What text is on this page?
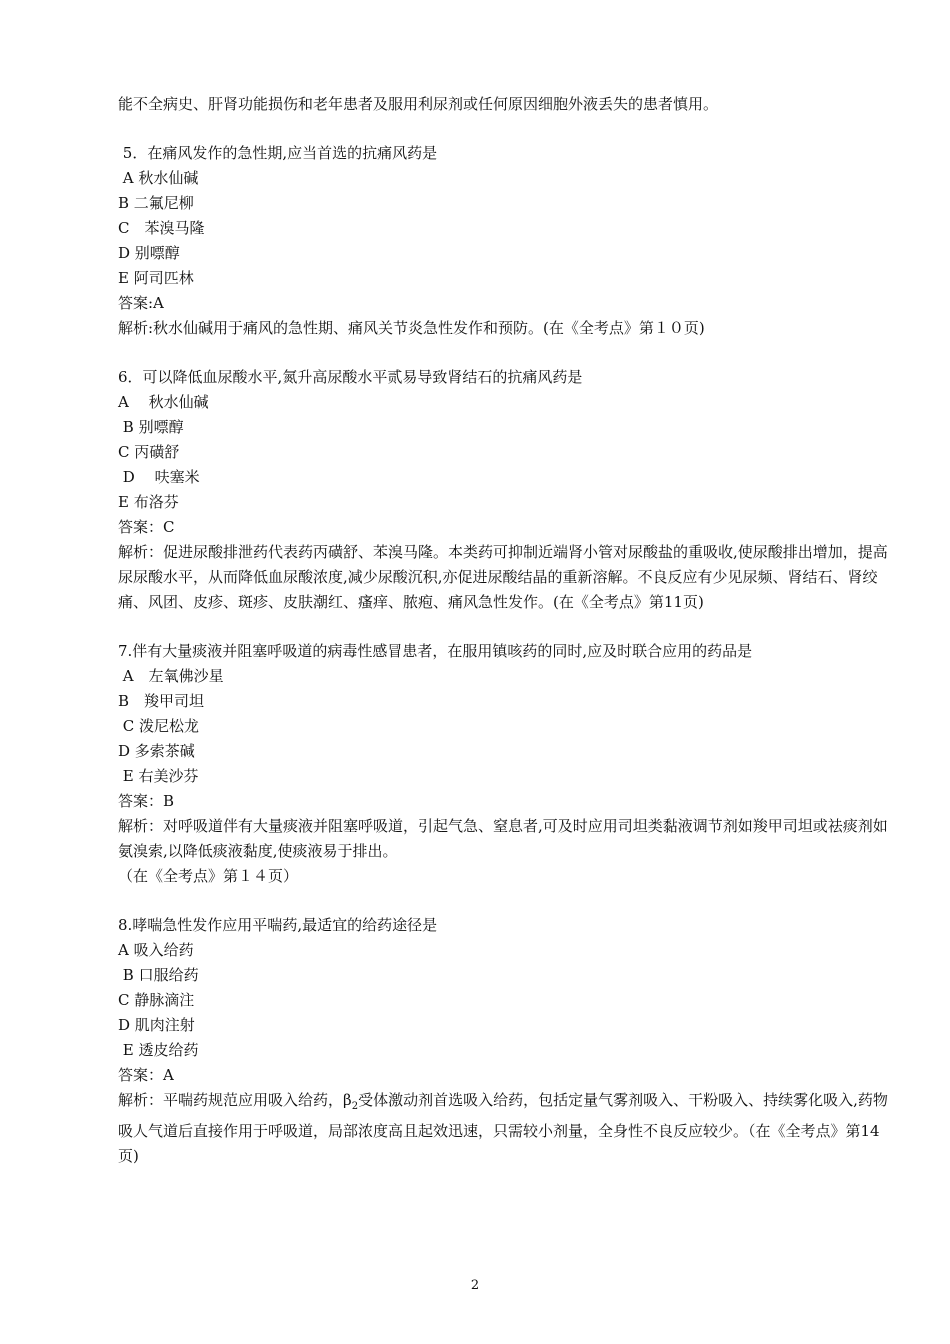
能不全病史、肝肾功能损伤和老年患者及服用利尿剂或任何原因细胞外液丢失的患者慎用。
5．在痛风发作的急性期,应当首选的抗痛风药是
A 秋水仙碱
B 二氟尼柳
C　苯溴马隆
D 别嘌醇
E 阿司匹林
答案:A
解析:秋水仙碱用于痛风的急性期、痛风关节炎急性发作和预防。(在《全考点》第１０页)
6．可以降低血尿酸水平,氮升高尿酸水平贰易导致肾结石的抗痛风药是
A　 秋水仙碱
B 别嘌醇
C 丙磺舒
D　 呋塞米
E 布洛芬
答案：C
解析：促进尿酸排泄药代表药丙磺舒、苯溴马隆。本类药可抑制近端肾小管对尿酸盐的重吸收,使尿酸排出增加，提高尿尿酸水平，从而降低血尿酸浓度,减少尿酸沉积,亦促进尿酸结晶的重新溶解。不良反应有少见尿频、肾结石、肾绞痛、风团、皮疹、斑疹、皮肤潮红、瘙痒、脓疱、痛风急性发作。(在《全考点》第11页)
7.伴有大量痰液并阻塞呼吸道的病毒性感冒患者，在服用镇咳药的同时,应及时联合应用的药品是
A　左氧佛沙星
B　羧甲司坦
C 泼尼松龙
D 多索茶碱
E 右美沙芬
答案：B
解析：对呼吸道伴有大量痰液并阻塞呼吸道，引起气急、窒息者,可及时应用司坦类黏液调节剂如羧甲司坦或祛痰剂如氨溴索,以降低痰液黏度,使痰液易于排出。
（在《全考点》第１４页）
8.哮喘急性发作应用平喘药,最适宜的给药途径是
A 吸入给药
B 口服给药
C 静脉滴注
D 肌肉注射
E 透皮给药
答案：A
解析：平喘药规范应用吸入给药，$\beta_2$受体激动剂首选吸入给药，包括定量气雾剂吸入、干粉吸入、持续雾化吸入,药物吸人气道后直接作用于呼吸道，局部浓度高且起效迅速，只需较小剂量，全身性不良反应较少。（在《全考点》第14页)
2
